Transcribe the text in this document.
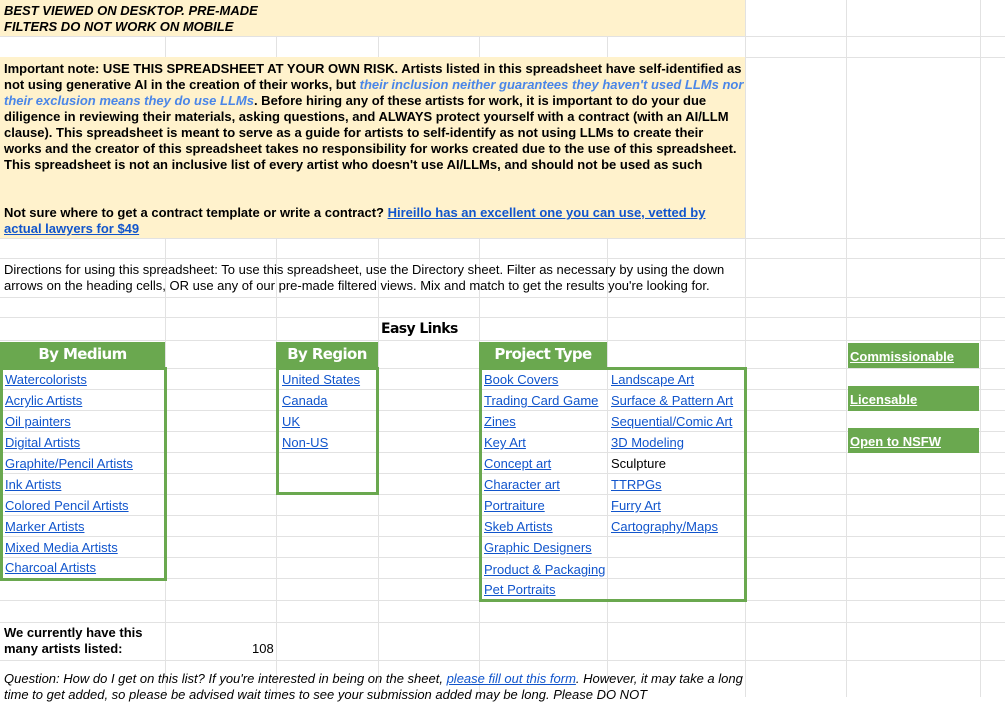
BEST VIEWED ON DESKTOP. PRE-MADE FILTERS DO NOT WORK ON MOBILE
Important note: USE THIS SPREADSHEET AT YOUR OWN RISK. Artists listed in this spreadsheet have self-identified as not using generative AI in the creation of their works, but their inclusion neither guarantees they haven't used LLMs nor their exclusion means they do use LLMs. Before hiring any of these artists for work, it is important to do your due diligence in reviewing their materials, asking questions, and ALWAYS protect yourself with a contract (with an AI/LLM clause). This spreadsheet is meant to serve as a guide for artists to self-identify as not using LLMs to create their works and the creator of this spreadsheet takes no responsibility for works created due to the use of this spreadsheet. This spreadsheet is not an inclusive list of every artist who doesn't use AI/LLMs, and should not be used as such
Not sure where to get a contract template or write a contract? Hireillo has an excellent one you can use, vetted by actual lawyers for $49
Directions for using this spreadsheet: To use this spreadsheet, use the Directory sheet. Filter as necessary by using the down arrows on the heading cells, OR use any of our pre-made filtered views. Mix and match to get the results you're looking for.
Easy Links
By Medium
Watercolorists
Acrylic Artists
Oil painters
Digital Artists
Graphite/Pencil Artists
Ink Artists
Colored Pencil Artists
Marker Artists
Mixed Media Artists
Charcoal Artists
By Region
United States
Canada
UK
Non-US
Project Type
Book Covers
Trading Card Game
Zines
Key Art
Concept art
Character art
Portraiture
Skeb Artists
Graphic Designers
Product & Packaging
Pet Portraits
Landscape Art
Surface & Pattern Art
Sequential/Comic Art
3D Modeling
Sculpture
TTRPGs
Furry Art
Cartography/Maps
Commissionable
Licensable
Open to NSFW
We currently have this many artists listed:	108
Question: How do I get on this list? If you're interested in being on the sheet, please fill out this form. However, it may take a long time to get added, so please be advised wait times to see your submission added may be long. Please DO NOT
